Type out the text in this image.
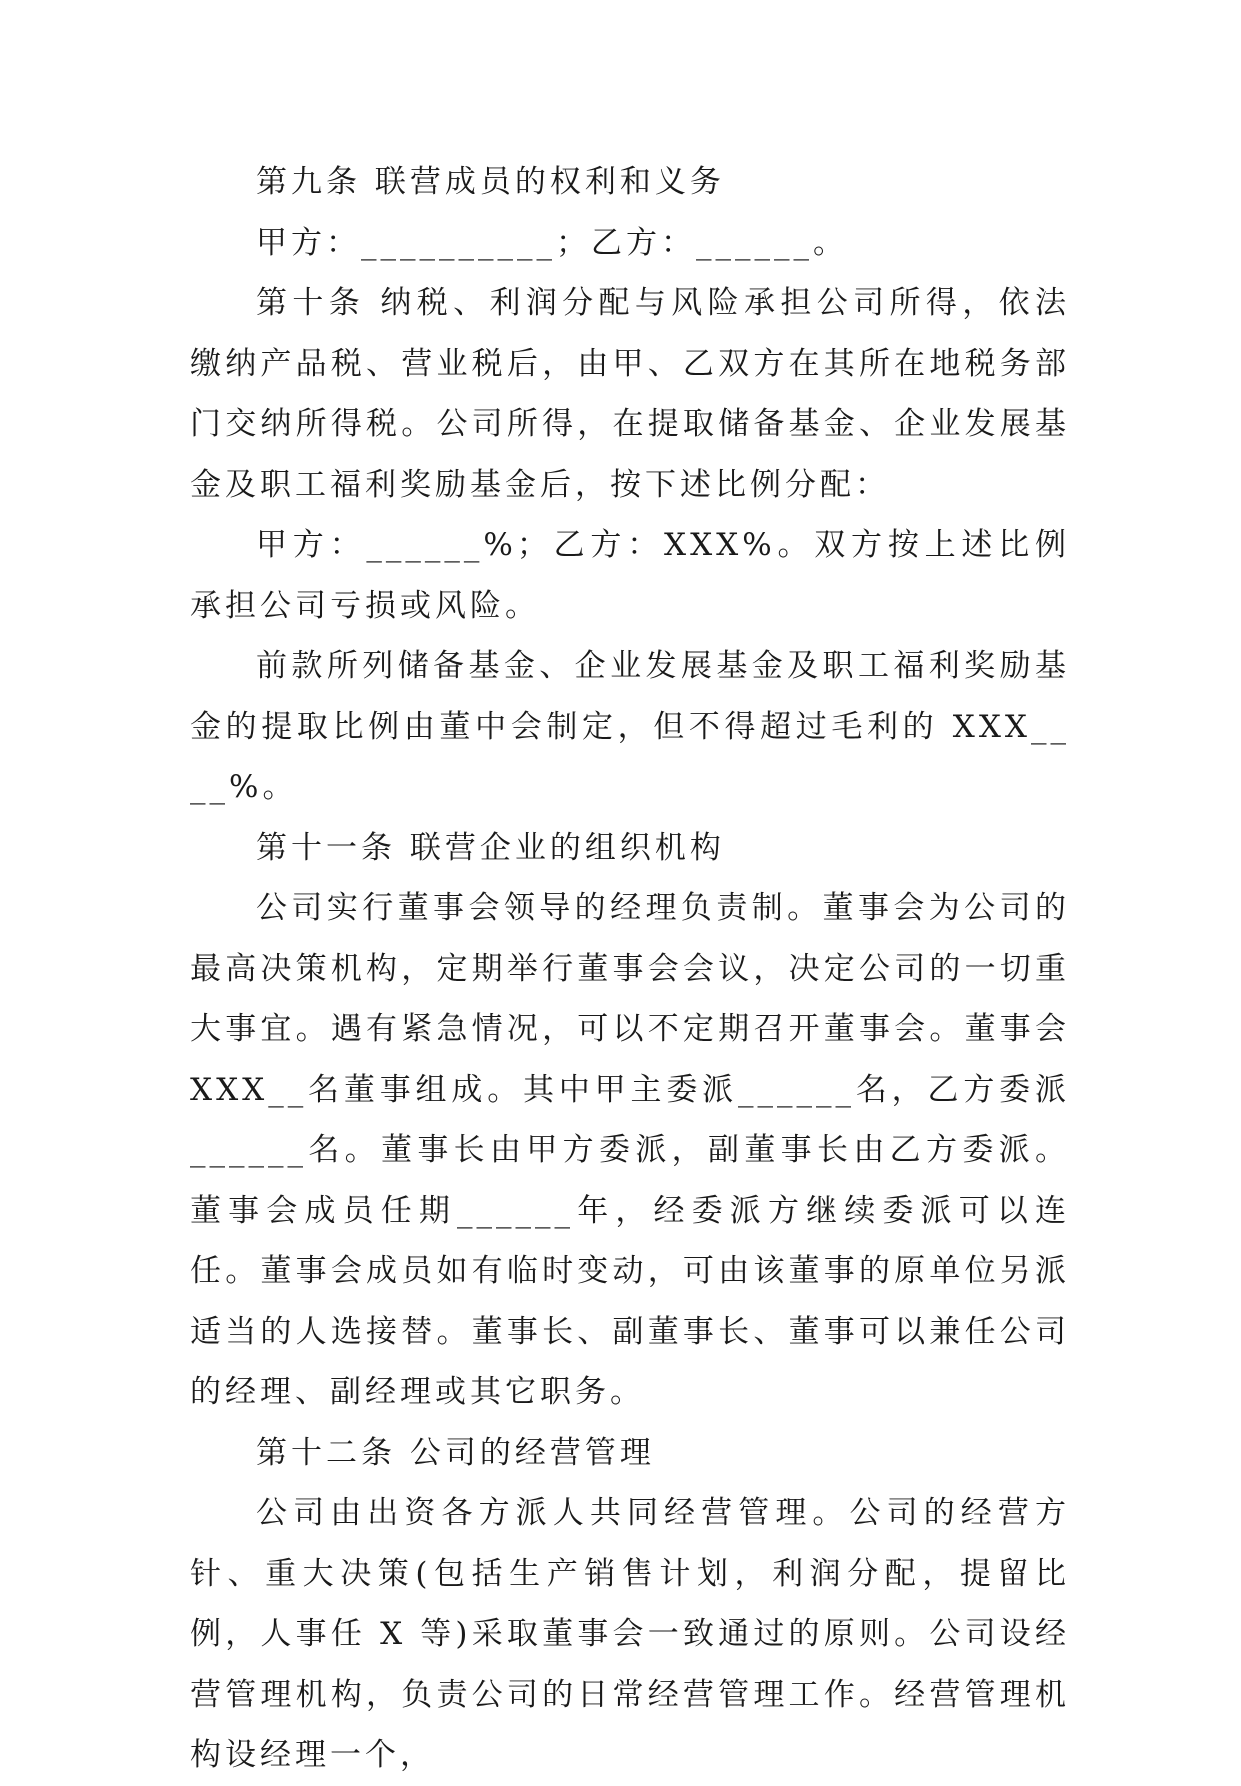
第九条 联营成员的权利和义务

甲方：__________；乙方：______。

第十条 纳税、利润分配与风险承担公司所得，依法缴纳产品税、营业税后，由甲、乙双方在其所在地税务部门交纳所得税。公司所得，在提取储备基金、企业发展基金及职工福利奖励基金后，按下述比例分配：

甲方：______%；乙方：XXX%。双方按上述比例承担公司亏损或风险。

前款所列储备基金、企业发展基金及职工福利奖励基金的提取比例由董中会制定，但不得超过毛利的 XXX____%。

第十一条 联营企业的组织机构

公司实行董事会领导的经理负责制。董事会为公司的最高决策机构，定期举行董事会会议，决定公司的一切重大事宜。遇有紧急情况，可以不定期召开董事会。董事会 XXX__名董事组成。其中甲主委派______名，乙方委派______名。董事长由甲方委派，副董事长由乙方委派。董事会成员任期______年，经委派方继续委派可以连任。董事会成员如有临时变动，可由该董事的原单位另派适当的人选接替。董事长、副董事长、董事可以兼任公司的经理、副经理或其它职务。

第十二条 公司的经营管理

公司由出资各方派人共同经营管理。公司的经营方针、重大决策(包括生产销售计划，利润分配，提留比例，人事任 X 等)采取董事会一致通过的原则。公司设经营管理机构，负责公司的日常经营管理工作。经营管理机构设经理一个，
